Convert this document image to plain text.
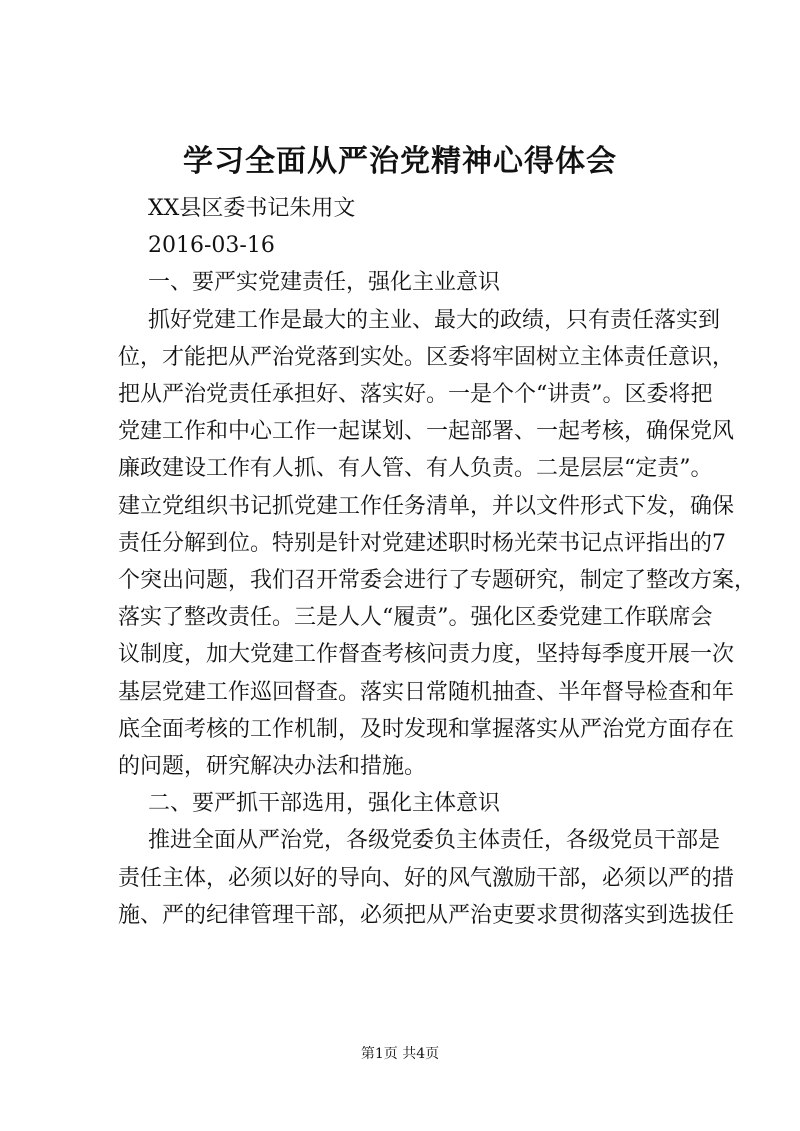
学习全面从严治党精神心得体会

XX县区委书记朱用文

2016-03-16

一、要严实党建责任，强化主业意识

抓好党建工作是最大的主业、最大的政绩，只有责任落实到

位，才能把从严治党落到实处。区委将牢固树立主体责任意识，

把从严治党责任承担好、落实好。一是个个“讲责”。区委将把

党建工作和中心工作一起谋划、一起部署、一起考核，确保党风

廉政建设工作有人抓、有人管、有人负责。二是层层“定责”。

建立党组织书记抓党建工作任务清单，并以文件形式下发，确保

责任分解到位。特别是针对党建述职时杨光荣书记点评指出的7

个突出问题，我们召开常委会进行了专题研究，制定了整改方案，

落实了整改责任。三是人人“履责”。强化区委党建工作联席会

议制度，加大党建工作督查考核问责力度，坚持每季度开展一次

基层党建工作巡回督查。落实日常随机抽查、半年督导检查和年

底全面考核的工作机制，及时发现和掌握落实从严治党方面存在

的问题，研究解决办法和措施。

二、要严抓干部选用，强化主体意识

推进全面从严治党，各级党委负主体责任，各级党员干部是

责任主体，必须以好的导向、好的风气激励干部，必须以严的措

施、严的纪律管理干部，必须把从严治吏要求贯彻落实到选拔任

第1页 共4页
